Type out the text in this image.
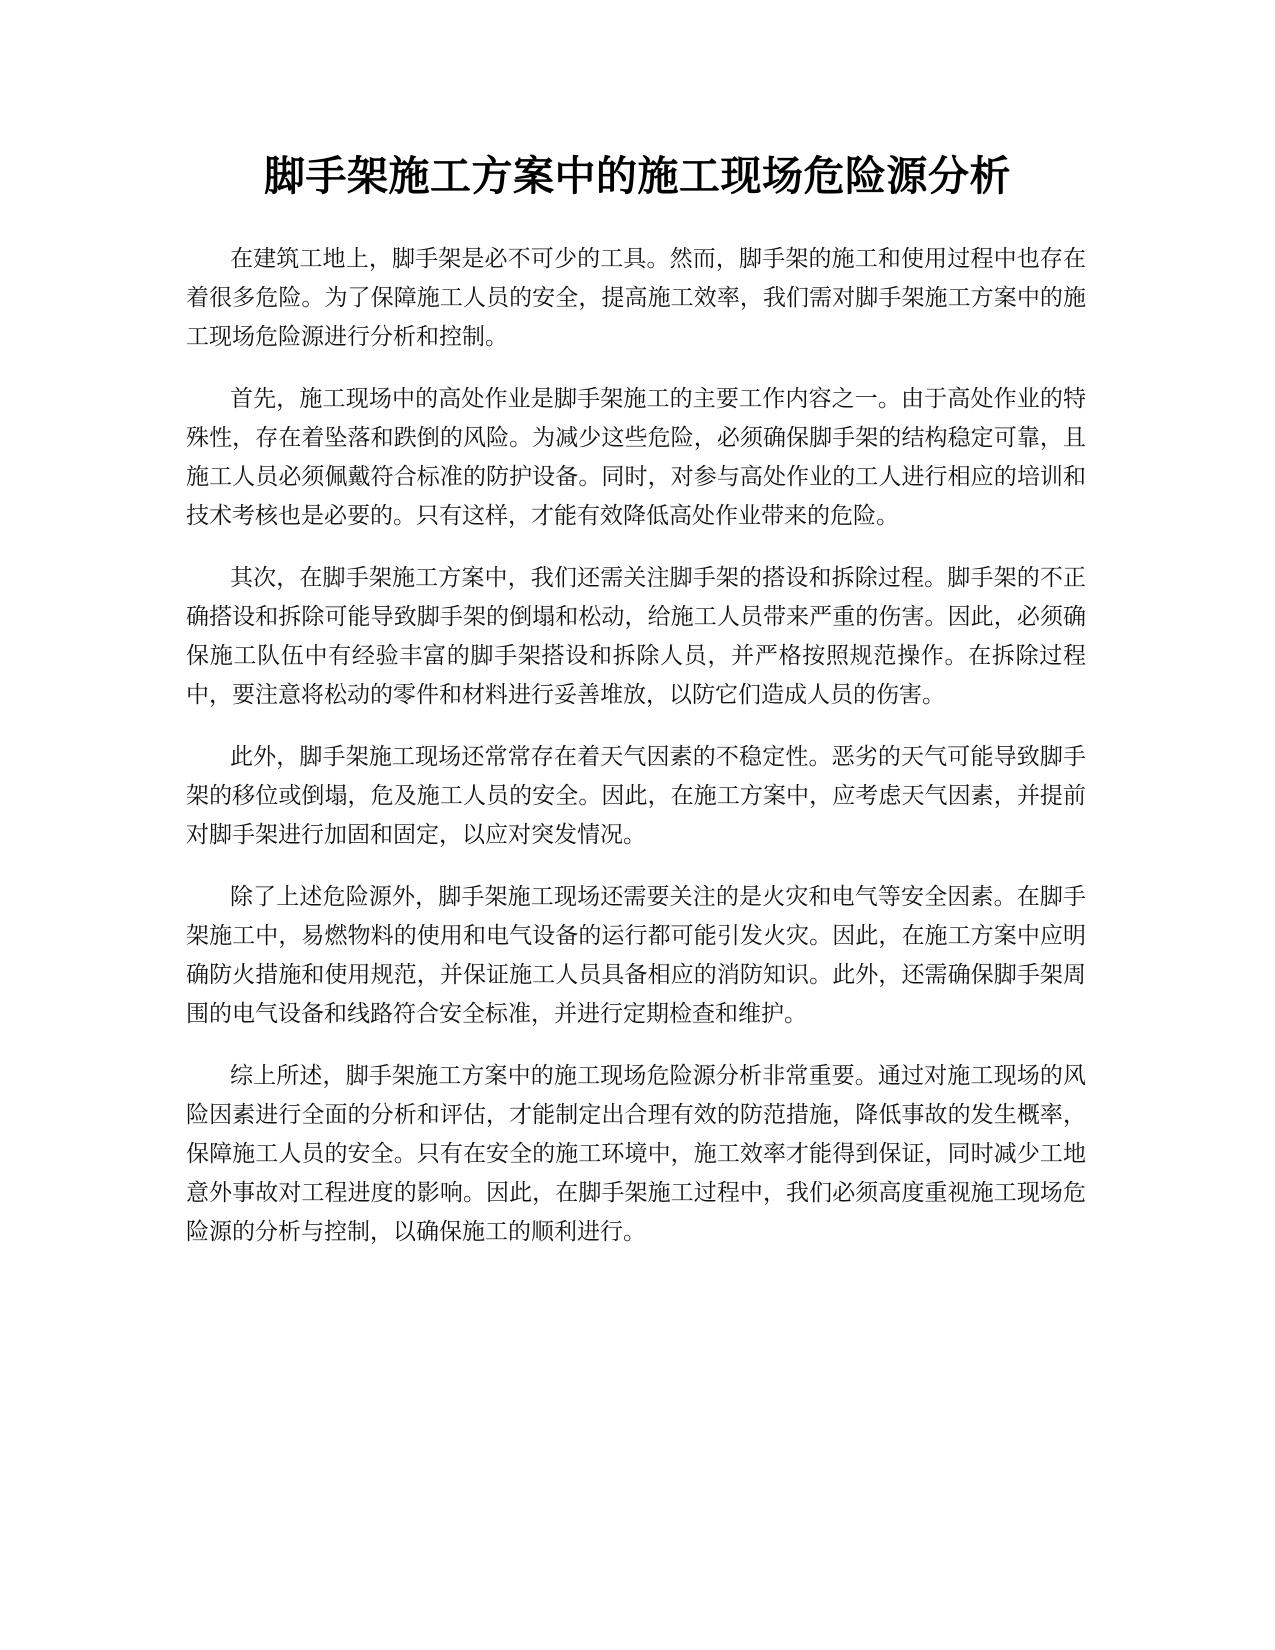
脚手架施工方案中的施工现场危险源分析

在建筑工地上，脚手架是必不可少的工具。然而，脚手架的施工和使用过程中也存在着很多危险。为了保障施工人员的安全，提高施工效率，我们需对脚手架施工方案中的施工现场危险源进行分析和控制。

首先，施工现场中的高处作业是脚手架施工的主要工作内容之一。由于高处作业的特殊性，存在着坠落和跌倒的风险。为减少这些危险，必须确保脚手架的结构稳定可靠，且施工人员必须佩戴符合标准的防护设备。同时，对参与高处作业的工人进行相应的培训和技术考核也是必要的。只有这样，才能有效降低高处作业带来的危险。

其次，在脚手架施工方案中，我们还需关注脚手架的搭设和拆除过程。脚手架的不正确搭设和拆除可能导致脚手架的倒塌和松动，给施工人员带来严重的伤害。因此，必须确保施工队伍中有经验丰富的脚手架搭设和拆除人员，并严格按照规范操作。在拆除过程中，要注意将松动的零件和材料进行妥善堆放，以防它们造成人员的伤害。

此外，脚手架施工现场还常常存在着天气因素的不稳定性。恶劣的天气可能导致脚手架的移位或倒塌，危及施工人员的安全。因此，在施工方案中，应考虑天气因素，并提前对脚手架进行加固和固定，以应对突发情况。

除了上述危险源外，脚手架施工现场还需要关注的是火灾和电气等安全因素。在脚手架施工中，易燃物料的使用和电气设备的运行都可能引发火灾。因此，在施工方案中应明确防火措施和使用规范，并保证施工人员具备相应的消防知识。此外，还需确保脚手架周围的电气设备和线路符合安全标准，并进行定期检查和维护。

综上所述，脚手架施工方案中的施工现场危险源分析非常重要。通过对施工现场的风险因素进行全面的分析和评估，才能制定出合理有效的防范措施，降低事故的发生概率，保障施工人员的安全。只有在安全的施工环境中，施工效率才能得到保证，同时减少工地意外事故对工程进度的影响。因此，在脚手架施工过程中，我们必须高度重视施工现场危险源的分析与控制，以确保施工的顺利进行。
